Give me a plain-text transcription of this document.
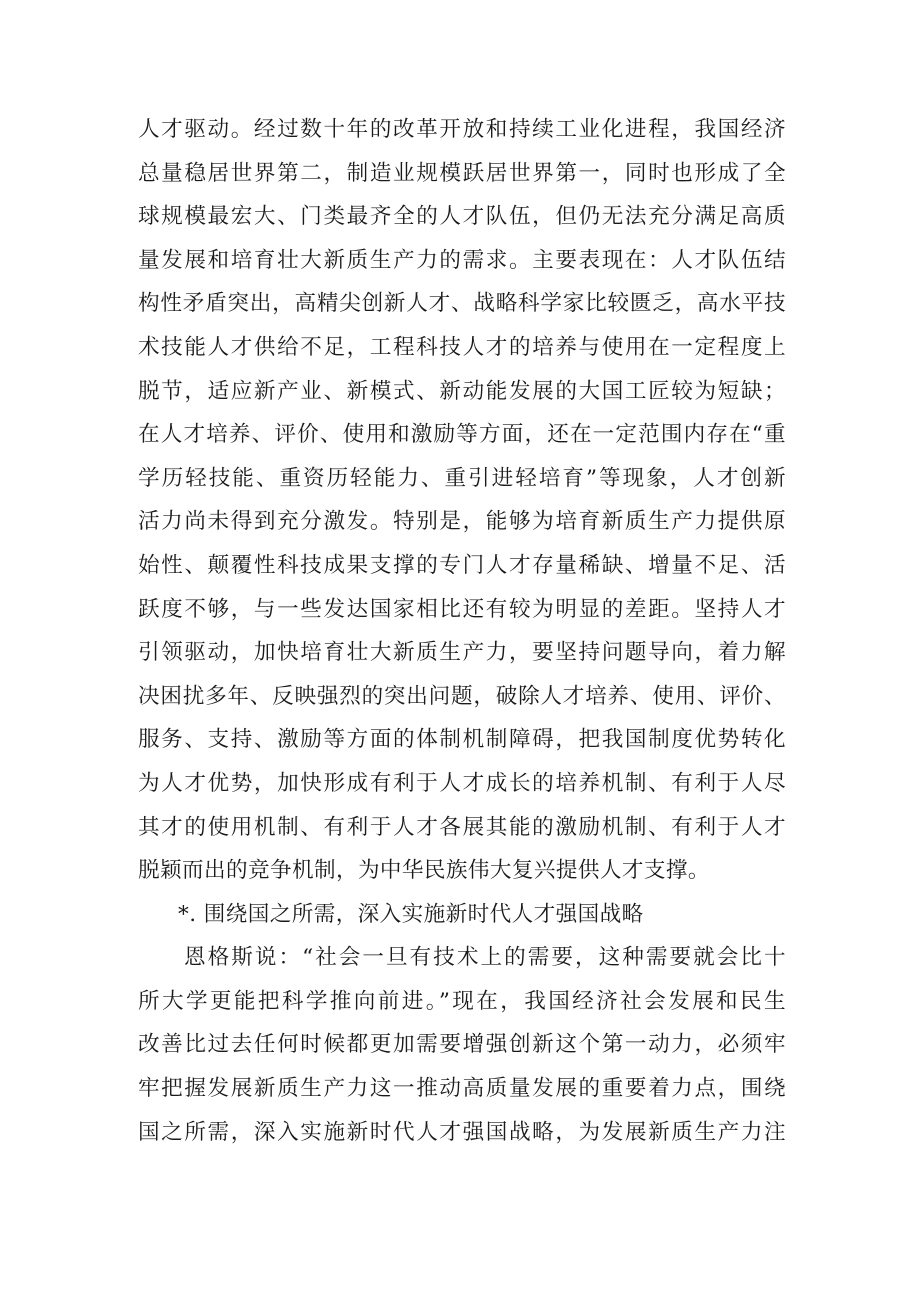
人才驱动。经过数十年的改革开放和持续工业化进程，我国经济
总量稳居世界第二，制造业规模跃居世界第一，同时也形成了全
球规模最宏大、门类最齐全的人才队伍，但仍无法充分满足高质
量发展和培育壮大新质生产力的需求。主要表现在：人才队伍结
构性矛盾突出，高精尖创新人才、战略科学家比较匮乏，高水平技
术技能人才供给不足，工程科技人才的培养与使用在一定程度上
脱节，适应新产业、新模式、新动能发展的大国工匠较为短缺；
在人才培养、评价、使用和激励等方面，还在一定范围内存在“重
学历轻技能、重资历轻能力、重引进轻培育”等现象，人才创新
活力尚未得到充分激发。特别是，能够为培育新质生产力提供原
始性、颠覆性科技成果支撑的专门人才存量稀缺、增量不足、活
跃度不够，与一些发达国家相比还有较为明显的差距。坚持人才
引领驱动，加快培育壮大新质生产力，要坚持问题导向，着力解
决困扰多年、反映强烈的突出问题，破除人才培养、使用、评价、
服务、支持、激励等方面的体制机制障碍，把我国制度优势转化
为人才优势，加快形成有利于人才成长的培养机制、有利于人尽
其才的使用机制、有利于人才各展其能的激励机制、有利于人才
脱颖而出的竞争机制，为中华民族伟大复兴提供人才支撑。
*. 围绕国之所需，深入实施新时代人才强国战略
恩格斯说：“社会一旦有技术上的需要，这种需要就会比十
所大学更能把科学推向前进。”现在，我国经济社会发展和民生
改善比过去任何时候都更加需要增强创新这个第一动力，必须牢
牢把握发展新质生产力这一推动高质量发展的重要着力点，围绕
国之所需，深入实施新时代人才强国战略，为发展新质生产力注
